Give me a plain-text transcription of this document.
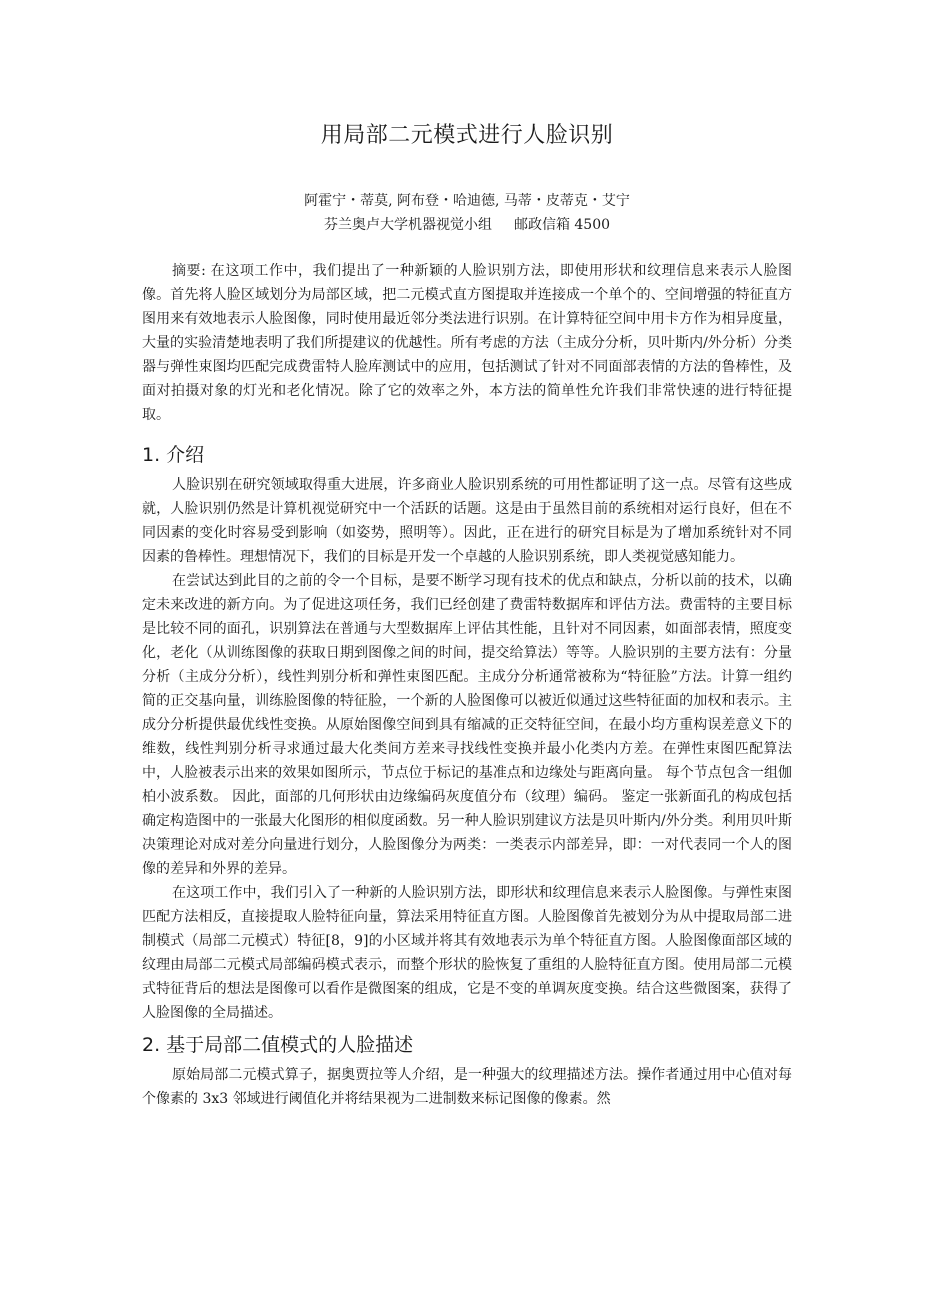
用局部二元模式进行人脸识别
阿霍宁・蒂莫, 阿布登・哈迪德, 马蒂・皮蒂克・艾宁
芬兰奥卢大学机器视觉小组 邮政信箱 4500

摘要: 在这项工作中，我们提出了一种新颖的人脸识别方法，即使用形状和纹理信息来表示人脸图像。首先将人脸区域划分为局部区域，把二元模式直方图提取并连接成一个单个的、空间增强的特征直方图用来有效地表示人脸图像，同时使用最近邻分类法进行识别。在计算特征空间中用卡方作为相异度量，大量的实验清楚地表明了我们所提建议的优越性。所有考虑的方法（主成分分析，贝叶斯内/外分析）分类器与弹性束图均匹配完成费雷特人脸库测试中的应用，包括测试了针对不同面部表情的方法的鲁棒性，及面对拍摄对象的灯光和老化情况。除了它的效率之外，本方法的简单性允许我们非常快速的进行特征提取。

1. 介绍

人脸识别在研究领域取得重大进展，许多商业人脸识别系统的可用性都证明了这一点。尽管有这些成就，人脸识别仍然是计算机视觉研究中一个活跃的话题。这是由于虽然目前的系统相对运行良好，但在不同因素的变化时容易受到影响（如姿势，照明等）。因此，正在进行的研究目标是为了增加系统针对不同因素的鲁棒性。理想情况下，我们的目标是开发一个卓越的人脸识别系统，即人类视觉感知能力。

在尝试达到此目的之前的令一个目标，是要不断学习现有技术的优点和缺点，分析以前的技术，以确定未来改进的新方向。为了促进这项任务，我们已经创建了费雷特数据库和评估方法。费雷特的主要目标是比较不同的面孔，识别算法在普通与大型数据库上评估其性能，且针对不同因素，如面部表情，照度变化，老化（从训练图像的获取日期到图像之间的时间，提交给算法）等等。人脸识别的主要方法有：分量分析（主成分分析），线性判别分析和弹性束图匹配。主成分分析通常被称为“特征脸”方法。计算一组约简的正交基向量，训练脸图像的特征脸，一个新的人脸图像可以被近似通过这些特征面的加权和表示。主成分分析提供最优线性变换。从原始图像空间到具有缩减的正交特征空间，在最小均方重构误差意义下的维数，线性判别分析寻求通过最大化类间方差来寻找线性变换并最小化类内方差。在弹性束图匹配算法中，人脸被表示出来的效果如图所示，节点位于标记的基准点和边缘处与距离向量。 每个节点包含一组伽柏小波系数。 因此，面部的几何形状由边缘编码灰度值分布（纹理）编码。 鉴定一张新面孔的构成包括确定构造图中的一张最大化图形的相似度函数。另一种人脸识别建议方法是贝叶斯内/外分类。利用贝叶斯决策理论对成对差分向量进行划分，人脸图像分为两类：一类表示内部差异，即：一对代表同一个人的图像的差异和外界的差异。

在这项工作中，我们引入了一种新的人脸识别方法，即形状和纹理信息来表示人脸图像。与弹性束图匹配方法相反，直接提取人脸特征向量，算法采用特征直方图。人脸图像首先被划分为从中提取局部二进制模式（局部二元模式）特征[8，9]的小区域并将其有效地表示为单个特征直方图。人脸图像面部区域的纹理由局部二元模式局部编码模式表示，而整个形状的脸恢复了重组的人脸特征直方图。使用局部二元模式特征背后的想法是图像可以看作是微图案的组成，它是不变的单调灰度变换。结合这些微图案，获得了人脸图像的全局描述。

2. 基于局部二值模式的人脸描述

原始局部二元模式算子，据奥贾拉等人介绍，是一种强大的纹理描述方法。操作者通过用中心值对每个像素的 3x3 邻域进行阈值化并将结果视为二进制数来标记图像的像素。然
